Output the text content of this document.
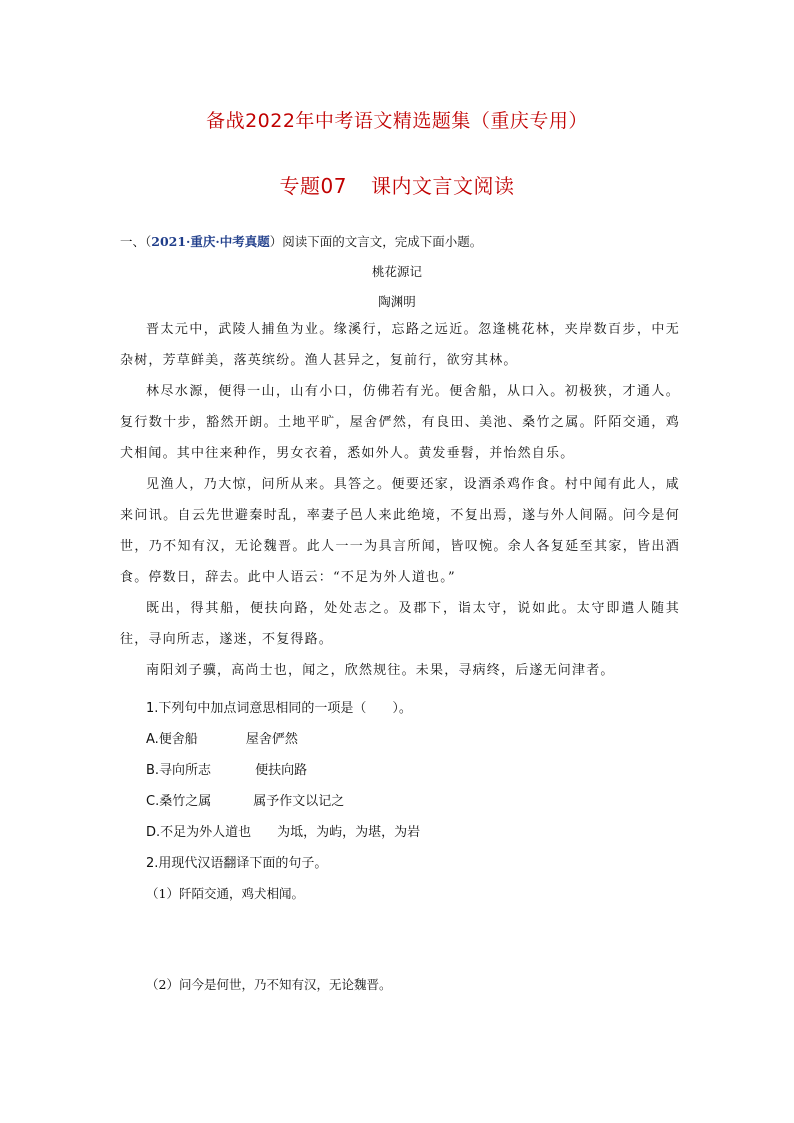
备战2022年中考语文精选题集（重庆专用）
专题07 课内文言文阅读
一、（2021·重庆·中考真题）阅读下面的文言文，完成下面小题。
桃花源记
陶渊明

晋太元中，武陵人捕鱼为业。缘溪行，忘路之远近。忽逢桃花林，夹岸数百步，中无杂树，芳草鲜美，落英缤纷。渔人甚异之，复前行，欲穷其林。

林尽水源，便得一山，山有小口，仿佛若有光。便舍船，从口入。初极狭，才通人。复行数十步，豁然开朗。土地平旷，屋舍俨然，有良田、美池、桑竹之属。阡陌交通，鸡犬相闻。其中往来种作，男女衣着，悉如外人。黄发垂髫，并怡然自乐。

见渔人，乃大惊，问所从来。具答之。便要还家，设酒杀鸡作食。村中闻有此人，咸来问讯。自云先世避秦时乱，率妻子邑人来此绝境，不复出焉，遂与外人间隔。问今是何世，乃不知有汉，无论魏晋。此人一一为具言所闻，皆叹惋。余人各复延至其家，皆出酒食。停数日，辞去。此中人语云：“不足为外人道也。”

既出，得其船，便扶向路，处处志之。及郡下，诣太守，说如此。太守即遣人随其往，寻向所志，遂迷，不复得路。

南阳刘子骥，高尚士也，闻之，欣然规往。未果，寻病终，后遂无问津者。

1.下列句中加点词意思相同的一项是（　　）。
A.便舍船	屋舍俨然
B.寻向所志	便扶向路
C.桑竹之属	属予作文以记之
D.不足为外人道也 为坻，为屿，为堪，为岩
2.用现代汉语翻译下面的句子。
（1）阡陌交通，鸡犬相闻。
（2）问今是何世，乃不知有汉，无论魏晋。
